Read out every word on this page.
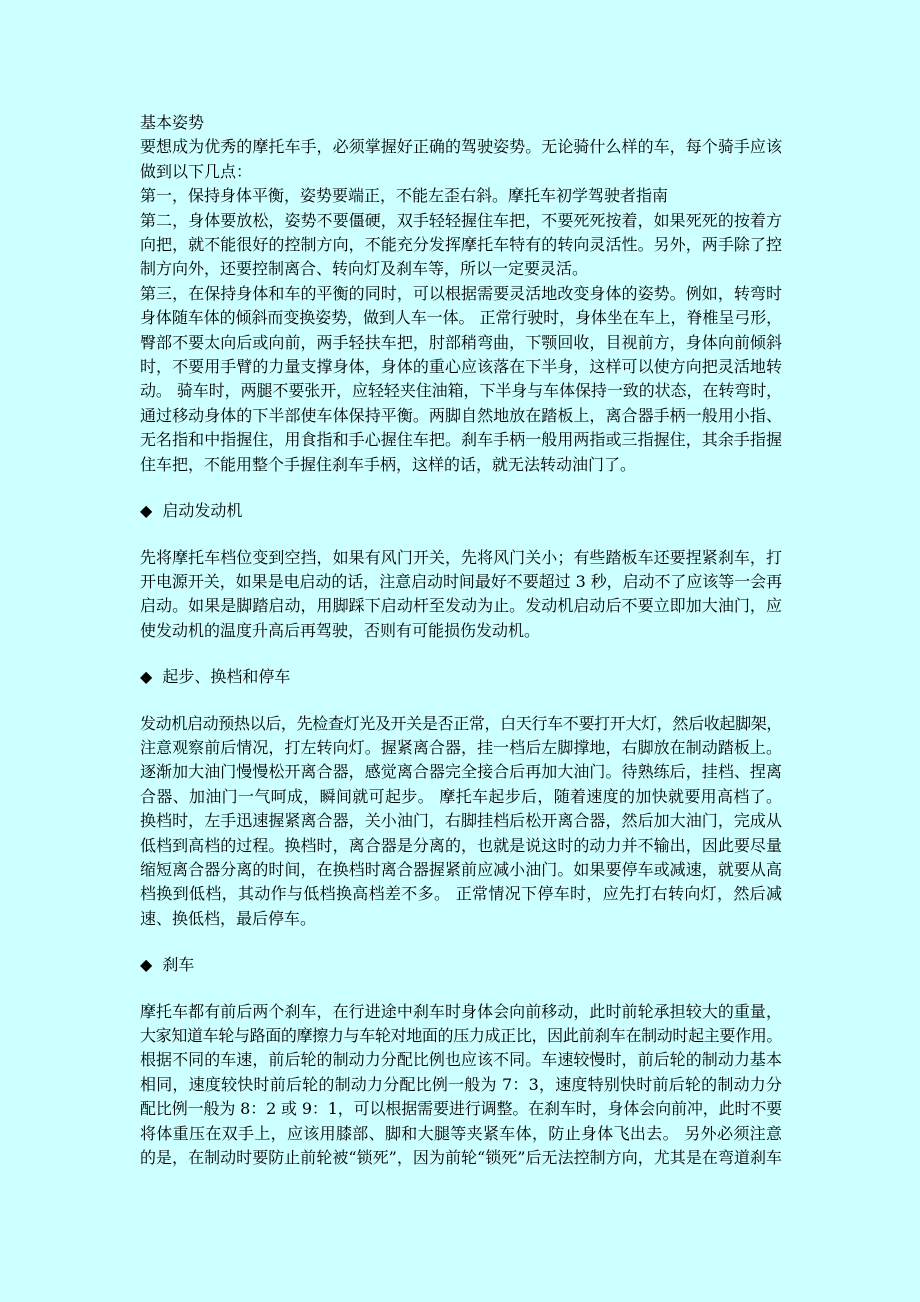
基本姿势
要想成为优秀的摩托车手，必须掌握好正确的驾驶姿势。无论骑什么样的车，每个骑手应该
做到以下几点：
第一，保持身体平衡，姿势要端正，不能左歪右斜。摩托车初学驾驶者指南
第二，身体要放松，姿势不要僵硬，双手轻轻握住车把，不要死死按着，如果死死的按着方
向把，就不能很好的控制方向，不能充分发挥摩托车特有的转向灵活性。另外，两手除了控
制方向外，还要控制离合、转向灯及刹车等，所以一定要灵活。
第三，在保持身体和车的平衡的同时，可以根据需要灵活地改变身体的姿势。例如，转弯时
身体随车体的倾斜而变换姿势，做到人车一体。 正常行驶时，身体坐在车上，脊椎呈弓形，
臀部不要太向后或向前，两手轻扶车把，肘部稍弯曲，下颚回收，目视前方，身体向前倾斜
时，不要用手臂的力量支撑身体，身体的重心应该落在下半身，这样可以使方向把灵活地转
动。 骑车时，两腿不要张开，应轻轻夹住油箱，下半身与车体保持一致的状态，在转弯时，
通过移动身体的下半部使车体保持平衡。两脚自然地放在踏板上，离合器手柄一般用小指、
无名指和中指握住，用食指和手心握住车把。刹车手柄一般用两指或三指握住，其余手指握
住车把，不能用整个手握住刹车手柄，这样的话，就无法转动油门了。
◆ 启动发动机
先将摩托车档位变到空挡，如果有风门开关，先将风门关小；有些踏板车还要捏紧刹车，打
开电源开关，如果是电启动的话，注意启动时间最好不要超过 3 秒，启动不了应该等一会再
启动。如果是脚踏启动，用脚踩下启动杆至发动为止。发动机启动后不要立即加大油门，应
使发动机的温度升高后再驾驶，否则有可能损伤发动机。
◆ 起步、换档和停车
发动机启动预热以后，先检查灯光及开关是否正常，白天行车不要打开大灯，然后收起脚架，
注意观察前后情况，打左转向灯。握紧离合器，挂一档后左脚撑地，右脚放在制动踏板上。
逐渐加大油门慢慢松开离合器，感觉离合器完全接合后再加大油门。待熟练后，挂档、捏离
合器、加油门一气呵成，瞬间就可起步。 摩托车起步后，随着速度的加快就要用高档了。
换档时，左手迅速握紧离合器，关小油门，右脚挂档后松开离合器，然后加大油门，完成从
低档到高档的过程。换档时，离合器是分离的，也就是说这时的动力并不输出，因此要尽量
缩短离合器分离的时间，在换档时离合器握紧前应减小油门。如果要停车或减速，就要从高
档换到低档，其动作与低档换高档差不多。 正常情况下停车时，应先打右转向灯，然后减
速、换低档，最后停车。
◆ 刹车
摩托车都有前后两个刹车，在行进途中刹车时身体会向前移动，此时前轮承担较大的重量，
大家知道车轮与路面的摩擦力与车轮对地面的压力成正比，因此前刹车在制动时起主要作用。
根据不同的车速，前后轮的制动力分配比例也应该不同。车速较慢时，前后轮的制动力基本
相同，速度较快时前后轮的制动力分配比例一般为 7：3，速度特别快时前后轮的制动力分
配比例一般为 8：2 或 9：1，可以根据需要进行调整。在刹车时，身体会向前冲，此时不要
将体重压在双手上，应该用膝部、脚和大腿等夹紧车体，防止身体飞出去。 另外必须注意
的是，在制动时要防止前轮被“锁死”，因为前轮“锁死”后无法控制方向，尤其是在弯道刹车
